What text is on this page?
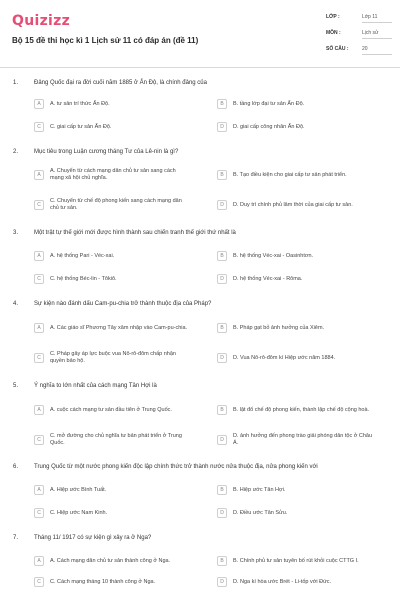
Quizizz
Bộ 15 đề thi học kì 1 Lịch sử 11 có đáp án (đề 11)
LỚP :	Lớp 11
MÔN :	Lịch sử
SỐ CÂU :	20
1.	Đảng Quốc đại ra đời cuối năm 1885 ở Ấn Độ, là chính đảng của
A	A. tư sản trí thức Ấn Độ.	B	B. tầng lớp đại tư sản Ấn Độ.
C	C. giai cấp tư sản Ấn Độ.	D	D. giai cấp công nhân Ấn Độ.
2.	Mục tiêu trong Luận cương tháng Tư của Lê-nin là gì?
A
A. Chuyển từ cách mạng dân chủ tư sản sang cách mạng xã hội chủ nghĩa.	B	B. Tạo điều kiện cho giai cấp tư sản phát triển.
C
C. Chuyển từ chế độ phong kiến sang cách mạng dân chủ tư sản.	D	D. Duy trì chính phủ lâm thời của giai cấp tư sản.
3.	Một trật tự thế giới mới được hình thành sau chiến tranh thế giới thứ nhất là
A	A. hệ thống Pari - Véc-xai.	B	B. hệ thống Véc-xai - Oasinhtơn.
C	C. hệ thống Béc-lin - Tôkiô.	D	D. hệ thống Véc-xai - Rôma.
4.	Sự kiện nào đánh dấu Cam-pu-chia trở thành thuộc địa của Pháp?
A	A. Các giáo sĩ Phương Tây xâm nhập vào Cam-pu-chia.	B	B. Pháp gạt bỏ ảnh hưởng của Xiêm.
C
C. Pháp gây áp lực buộc vua Nô-rô-đôm chấp nhận quyền bảo hộ.	D	D. Vua Nô-rô-đôm kí Hiệp ước năm 1884.
5.	Ý nghĩa to lớn nhất của cách mạng Tân Hợi là
A	A. cuộc cách mạng tư sản đầu tiên ở Trung Quốc.	B	B. lật đổ chế độ phong kiến, thành lập chế độ cộng hoà.
C
C. mở đường cho chủ nghĩa tư bản phát triển ở Trung Quốc.	D
D. ảnh hưởng đến phong trào giải phóng dân tộc ở Châu Á.
6.	Trung Quốc từ một nước phong kiến độc lập chính thức trở thành nước nửa thuộc địa, nửa phong kiến với
A	A. Hiệp ước Bình Tuất.	B	B. Hiệp ước Tân Hợi.
C	C. Hiệp ước Nam Kinh.	D	D. Điều ước Tân Sửu.
7.	Tháng 11/ 1917 có sự kiện gì xảy ra ở Nga?
A	A. Cách mạng dân chủ tư sản thành công ở Nga.	B	B. Chính phủ tư sản tuyên bố rút khỏi cuộc CTTG I.
C	C. Cách mạng tháng 10 thành công ở Nga.	D	D. Nga kí hòa ước Brét - Li-tốp với Đức.
